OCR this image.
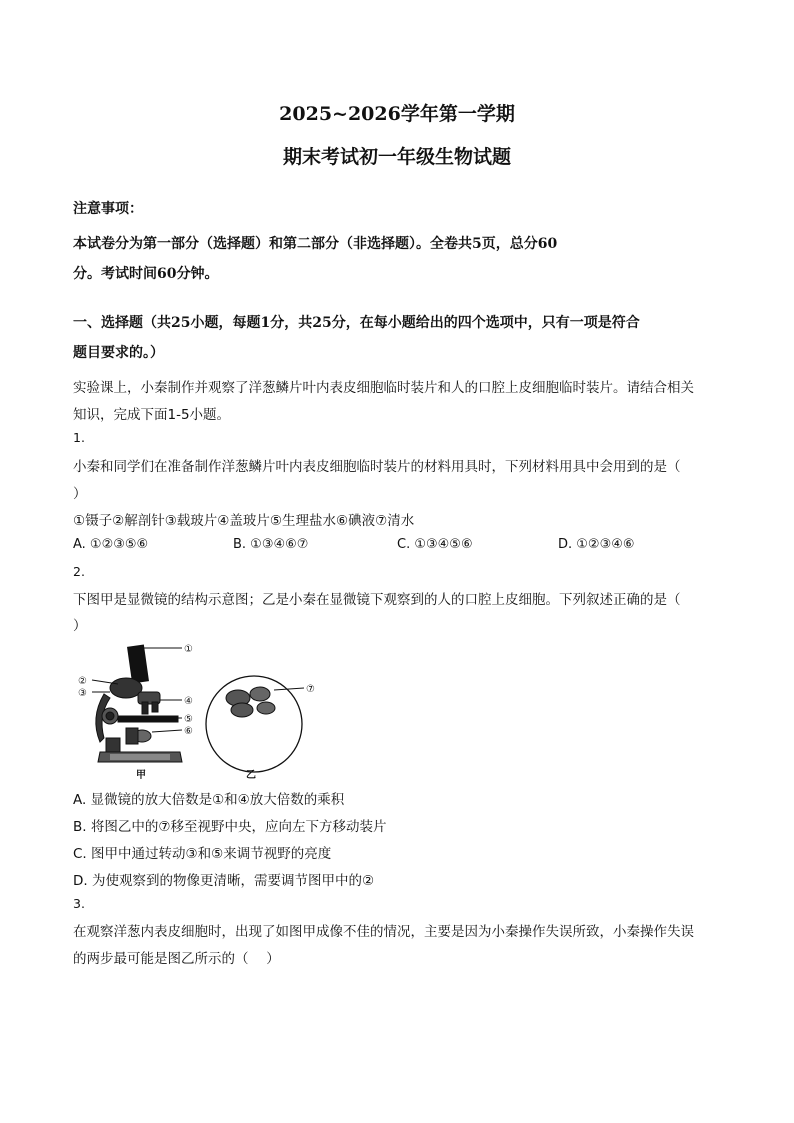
2025~2026学年第一学期
期末考试初一年级生物试题
注意事项：
本试卷分为第一部分（选择题）和第二部分（非选择题）。全卷共5页，总分60
分。考试时间60分钟。
一、选择题（共25小题，每题1分，共25分，在每小题给出的四个选项中，只有一项是符合
题目要求的。）
实验课上，小秦制作并观察了洋葱鳞片叶内表皮细胞临时装片和人的口腔上皮细胞临时装片。请结合相关
知识，完成下面1-5小题。
1.
小秦和同学们在准备制作洋葱鳞片叶内表皮细胞临时装片的材料用具时，下列材料用具中会用到的是（
）
①镊子②解剖针③载玻片④盖玻片⑤生理盐水⑥碘液⑦清水
A. ①②③⑤⑥	B. ①③④⑥⑦	C. ①③④⑤⑥	D. ①②③④⑥
2.
下图甲是显微镜的结构示意图；乙是小秦在显微镜下观察到的人的口腔上皮细胞。下列叙述正确的是（
）
①
②
③
④
⑤
⑥
⑦
甲	乙
A. 显微镜的放大倍数是①和④放大倍数的乘积
B. 将图乙中的⑦移至视野中央，应向左下方移动装片
C. 图甲中通过转动③和⑤来调节视野的亮度
D. 为使观察到的物像更清晰，需要调节图甲中的②
3.
在观察洋葱内表皮细胞时，出现了如图甲成像不佳的情况，主要是因为小秦操作失误所致，小秦操作失误
的两步最可能是图乙所示的（　 ）
